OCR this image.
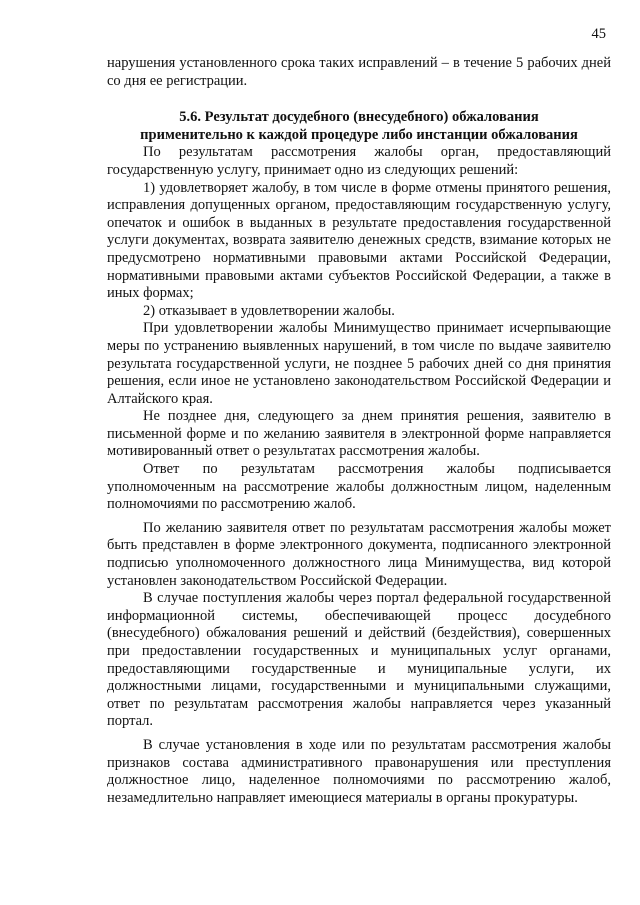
45

нарушения установленного срока таких исправлений – в течение 5 рабочих дней со дня ее регистрации.

5.6. Результат досудебного (внесудебного) обжалования
применительно к каждой процедуре либо инстанции обжалования

По результатам рассмотрения жалобы орган, предоставляющий государственную услугу, принимает одно из следующих решений:

1) удовлетворяет жалобу, в том числе в форме отмены принятого решения, исправления допущенных органом, предоставляющим государственную услугу, опечаток и ошибок в выданных в результате предоставления государственной услуги документах, возврата заявителю денежных средств, взимание которых не предусмотрено нормативными правовыми актами Российской Федерации, нормативными правовыми актами субъектов Российской Федерации, а также в иных формах;

2) отказывает в удовлетворении жалобы.

При удовлетворении жалобы Минимущество принимает исчерпывающие меры по устранению выявленных нарушений, в том числе по выдаче заявителю результата государственной услуги, не позднее 5 рабочих дней со дня принятия решения, если иное не установлено законодательством Российской Федерации и Алтайского края.

Не позднее дня, следующего за днем принятия решения, заявителю в письменной форме и по желанию заявителя в электронной форме направляется мотивированный ответ о результатах рассмотрения жалобы.

Ответ по результатам рассмотрения жалобы подписывается уполномоченным на рассмотрение жалобы должностным лицом, наделенным полномочиями по рассмотрению жалоб.

По желанию заявителя ответ по результатам рассмотрения жалобы может быть представлен в форме электронного документа, подписанного электронной подписью уполномоченного должностного лица Минимущества, вид которой установлен законодательством Российской Федерации.

В случае поступления жалобы через портал федеральной государственной информационной системы, обеспечивающей процесс досудебного (внесудебного) обжалования решений и действий (бездействия), совершенных при предоставлении государственных и муниципальных услуг органами, предоставляющими государственные и муниципальные услуги, их должностными лицами, государственными и муниципальными служащими, ответ по результатам рассмотрения жалобы направляется через указанный портал.

В случае установления в ходе или по результатам рассмотрения жалобы признаков состава административного правонарушения или преступления должностное лицо, наделенное полномочиями по рассмотрению жалоб, незамедлительно направляет имеющиеся материалы в органы прокуратуры.
